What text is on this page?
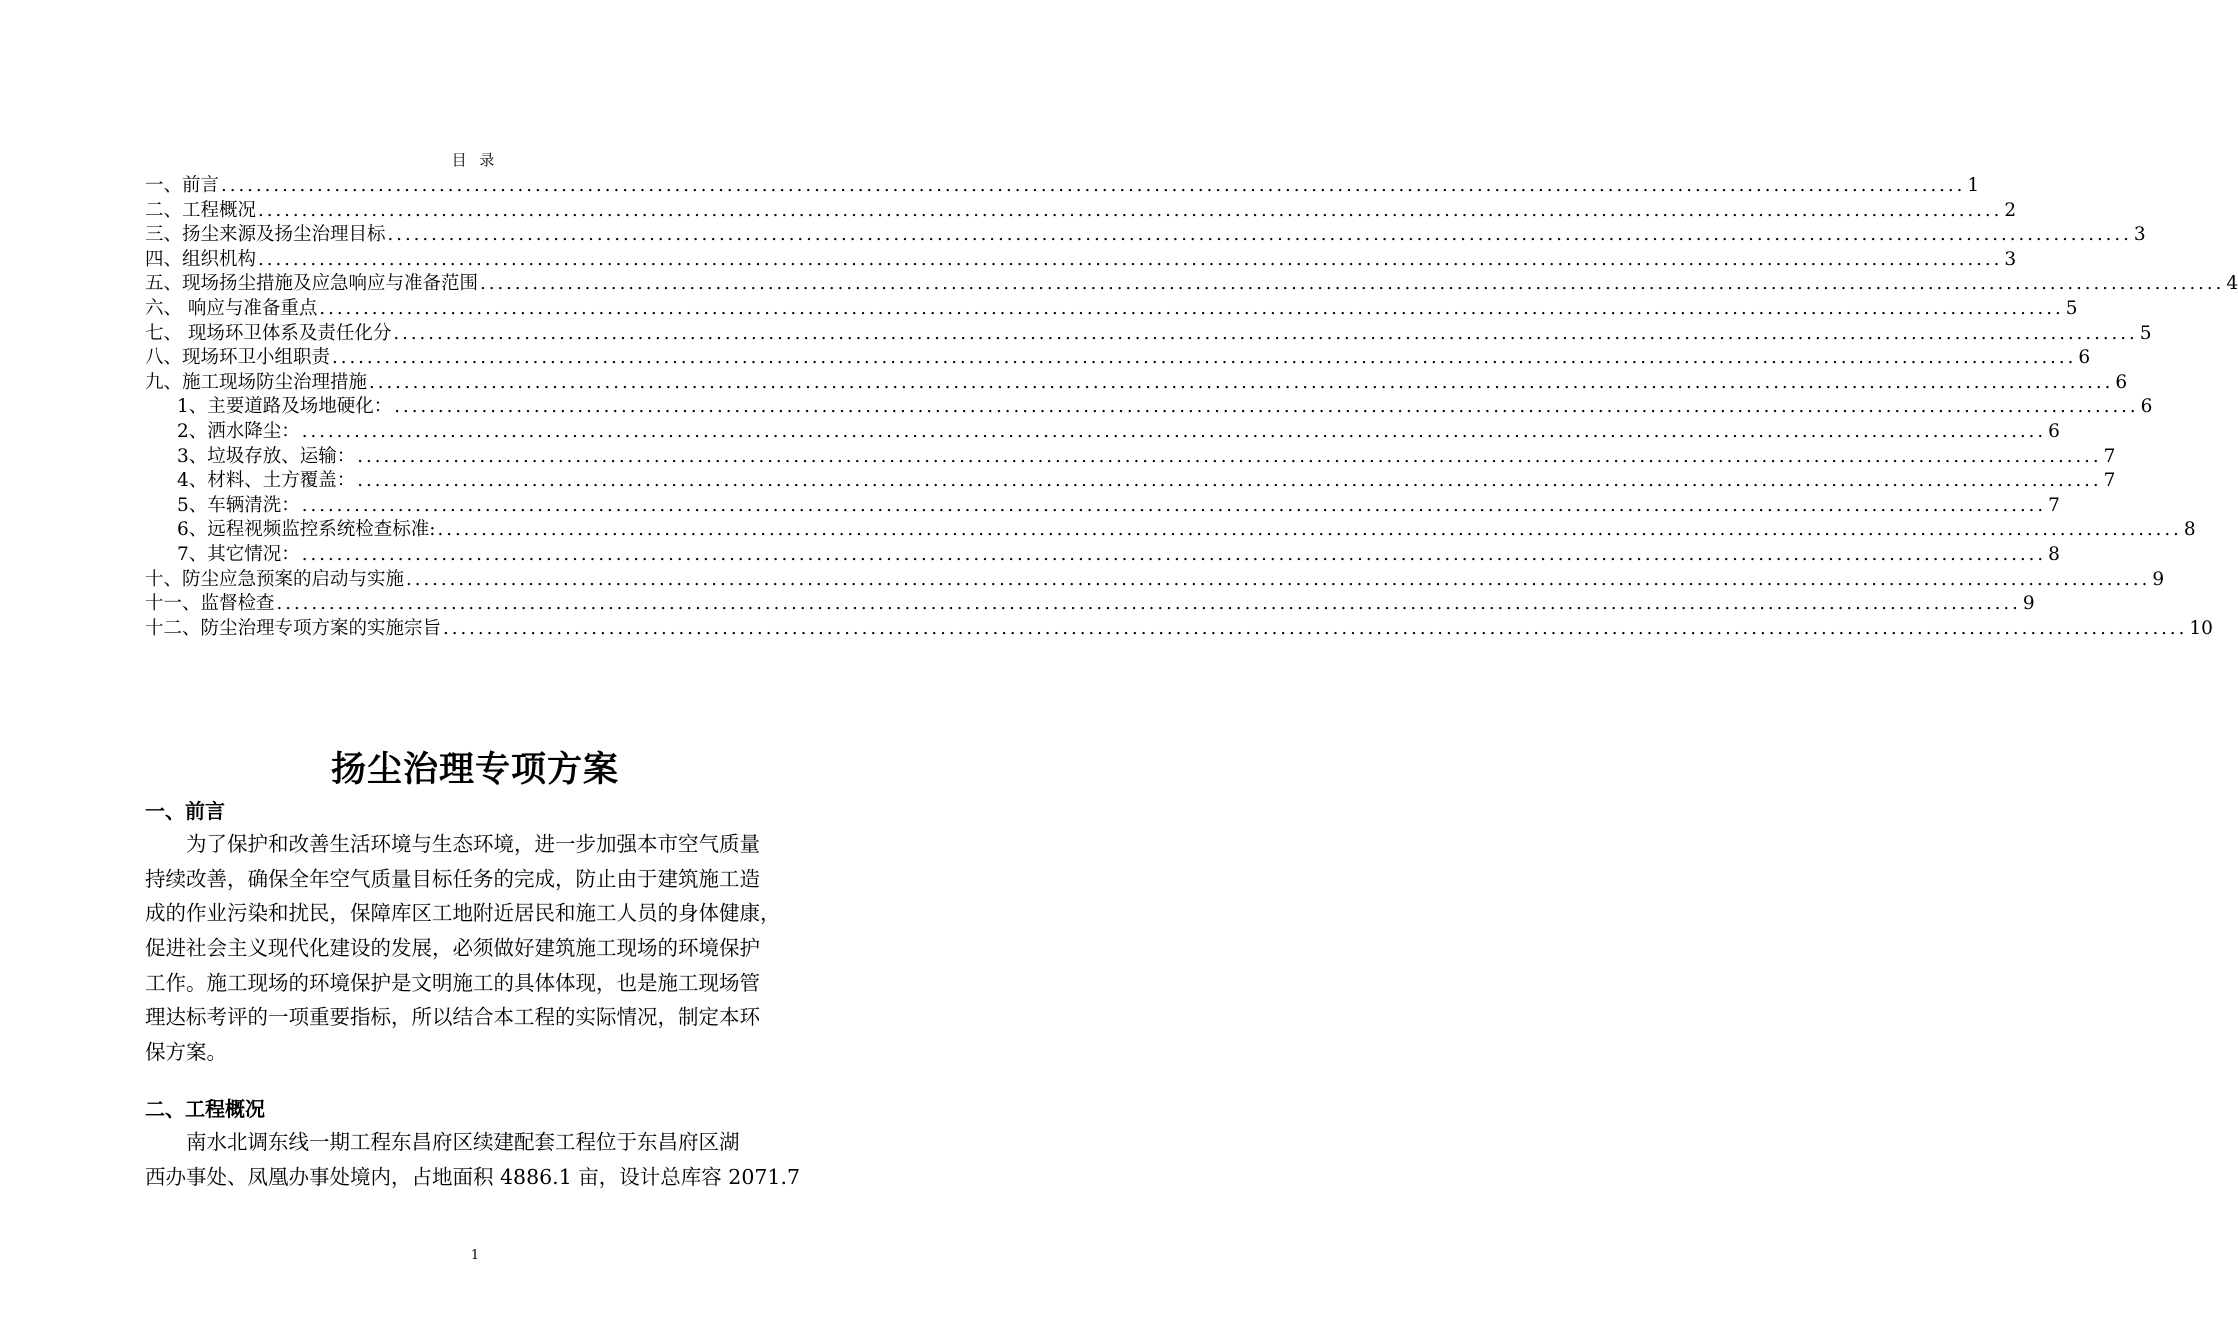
目 录
一、前言 ........................................................................................................................................................................................................ 1
二、工程概况 ........................................................................................................................................................................................................ 2
三、扬尘来源及扬尘治理目标 ........................................................................................................................................................................................................ 3
四、组织机构 ........................................................................................................................................................................................................ 3
五、现场扬尘措施及应急响应与准备范围 ........................................................................................................................................................................................................ 4
六、 响应与准备重点 ........................................................................................................................................................................................................ 5
七、 现场环卫体系及责任化分 ........................................................................................................................................................................................................ 5
八、现场环卫小组职责 ........................................................................................................................................................................................................ 6
九、施工现场防尘治理措施 ........................................................................................................................................................................................................ 6
1、主要道路及场地硬化： ........................................................................................................................................................................................................ 6
2、洒水降尘： ........................................................................................................................................................................................................ 6
3、垃圾存放、运输： ........................................................................................................................................................................................................ 7
4、材料、土方覆盖： ........................................................................................................................................................................................................ 7
5、车辆清洗： ........................................................................................................................................................................................................ 7
6、远程视频监控系统检查标准: ........................................................................................................................................................................................................ 8
7、其它情况： ........................................................................................................................................................................................................ 8
十、防尘应急预案的启动与实施 ........................................................................................................................................................................................................ 9
十一、监督检查 ........................................................................................................................................................................................................ 9
十二、防尘治理专项方案的实施宗旨 ........................................................................................................................................................................................................ 10
扬尘治理专项方案
一、前言
　　为了保护和改善生活环境与生态环境，进一步加强本市空气质量
持续改善，确保全年空气质量目标任务的完成，防止由于建筑施工造
成的作业污染和扰民，保障库区工地附近居民和施工人员的身体健康，
促进社会主义现代化建设的发展，必须做好建筑施工现场的环境保护
工作。施工现场的环境保护是文明施工的具体体现，也是施工现场管
理达标考评的一项重要指标，所以结合本工程的实际情况，制定本环
保方案。
二、工程概况
　　南水北调东线一期工程东昌府区续建配套工程位于东昌府区湖
西办事处、凤凰办事处境内，占地面积 4886.1 亩，设计总库容 2071.7
1
